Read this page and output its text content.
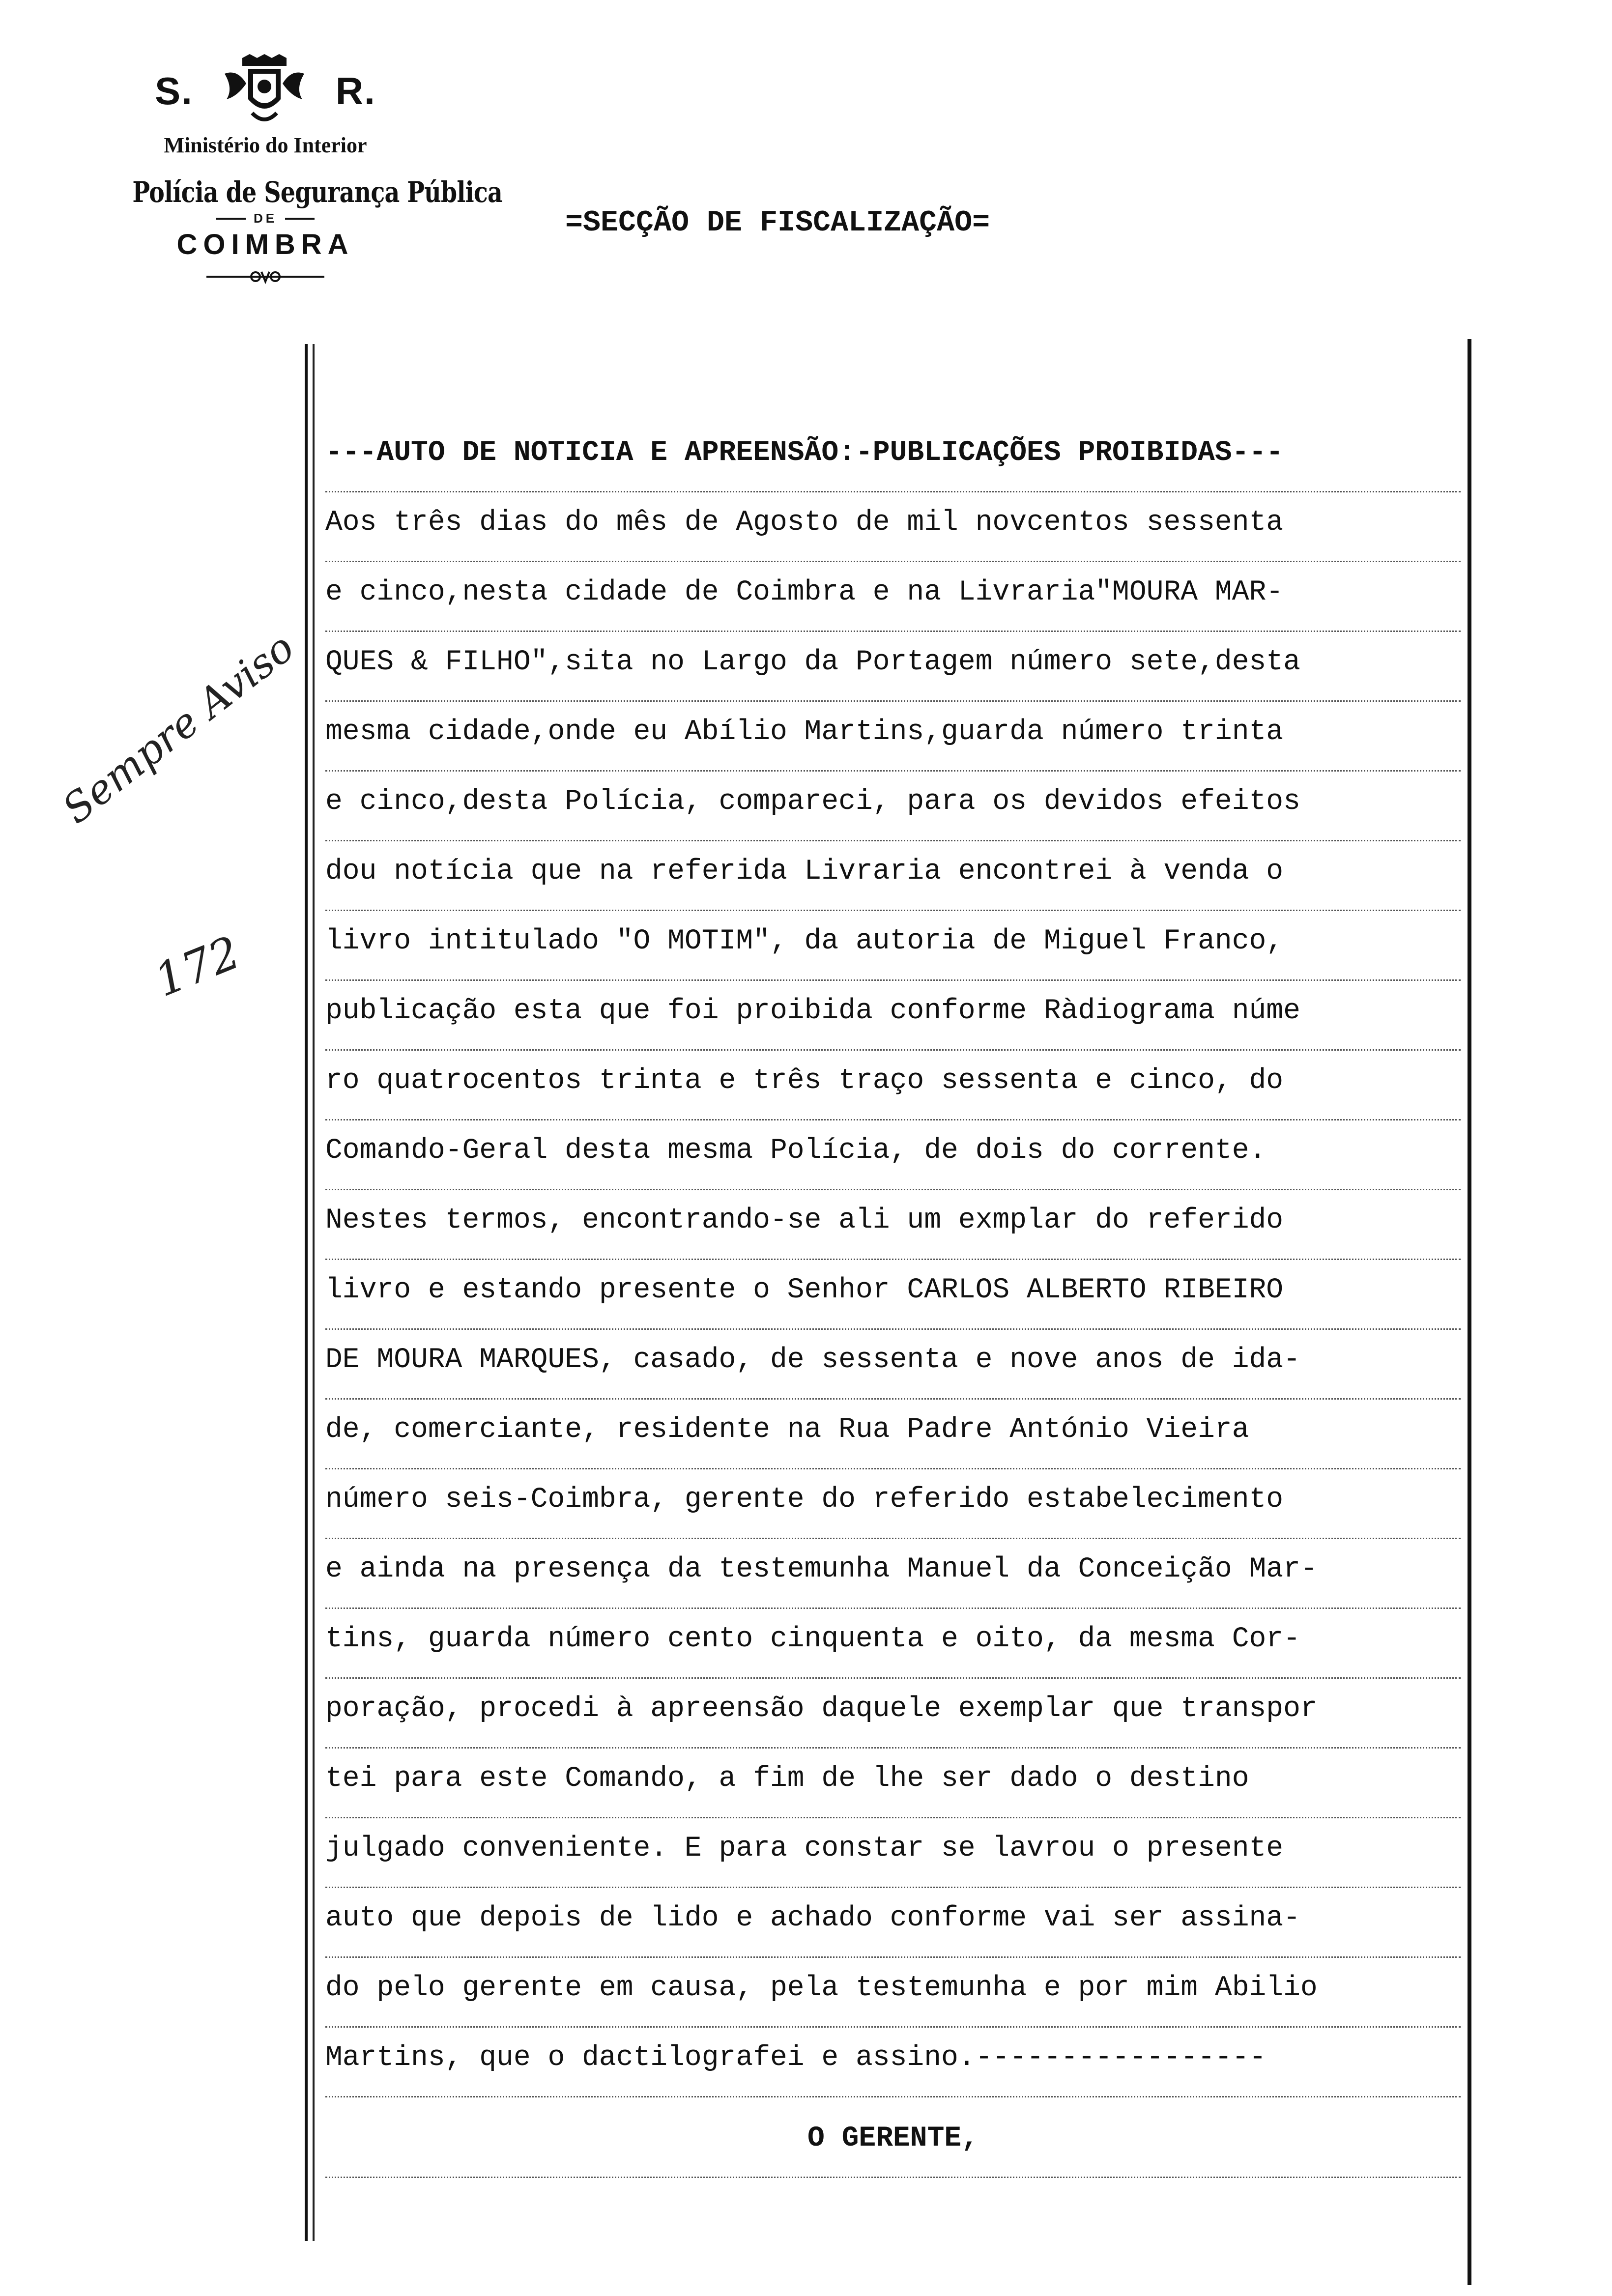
S.	R.
Ministério do Interior
Polícia de Segurança Pública
DE
COIMBRA
=SECÇÃO DE FISCALIZAÇÃO=
Sempre Aviso
172
---AUTO DE NOTICIA E APREENSÃO:-PUBLICAÇÕES PROIBIDAS---
Aos três dias do mês de Agosto de mil novcentos sessenta
e cinco,nesta cidade de Coimbra e na Livraria"MOURA MAR-
QUES & FILHO",sita no Largo da Portagem número sete,desta
mesma cidade,onde eu Abílio Martins,guarda número trinta
e cinco,desta Polícia, compareci, para os devidos efeitos
dou notícia que na referida Livraria encontrei à venda o
livro intitulado "O MOTIM", da autoria de Miguel Franco,
publicação esta que foi proibida conforme Ràdiograma núme
ro quatrocentos trinta e três traço sessenta e cinco, do
Comando-Geral desta mesma Polícia, de dois do corrente.
Nestes termos, encontrando-se ali um exmplar do referido
livro e estando presente o Senhor CARLOS ALBERTO RIBEIRO
DE MOURA MARQUES, casado, de sessenta e nove anos de ida-
de, comerciante, residente na Rua Padre António Vieira
número seis-Coimbra, gerente do referido estabelecimento
e ainda na presença da testemunha Manuel da Conceição Mar-
tins, guarda número cento cinquenta e oito, da mesma Cor-
poração, procedi à apreensão daquele exemplar que transpor
tei para este Comando, a fim de lhe ser dado o destino
julgado conveniente. E para constar se lavrou o presente
auto que depois de lido e achado conforme vai ser assina-
do pelo gerente em causa, pela testemunha e por mim Abilio
Martins, que o dactilografei e assino.-----------------
O GERENTE,
